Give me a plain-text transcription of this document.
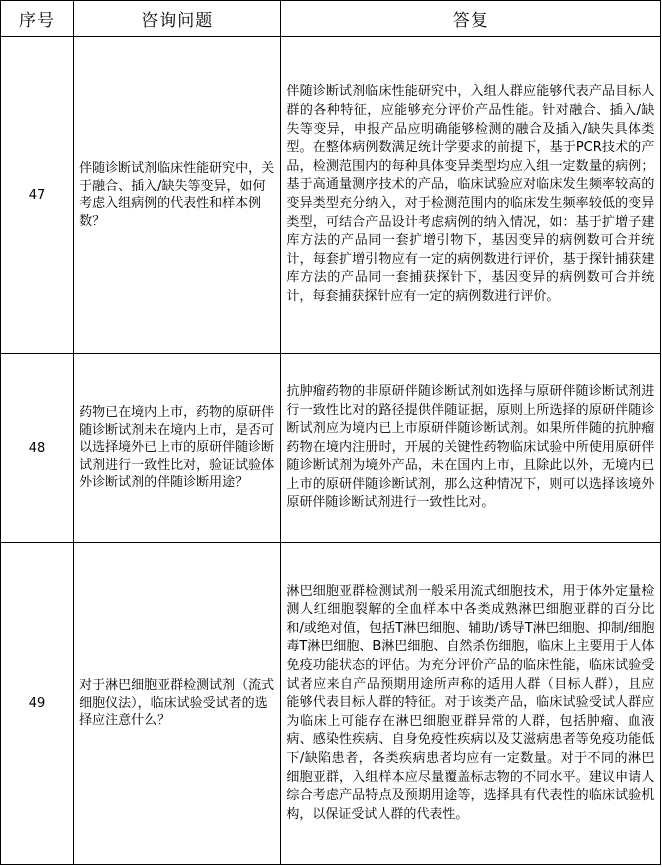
序号	咨询问题	答复
47	伴随诊断试剂临床性能研究中，关于融合、插入/缺失等变异，如何考虑入组病例的代表性和样本例数？	伴随诊断试剂临床性能研究中，入组人群应能够代表产品目标人群的各种特征，应能够充分评价产品性能。针对融合、插入/缺失等变异，申报产品应明确能够检测的融合及插入/缺失具体类型。在整体病例数满足统计学要求的前提下，基于PCR技术的产品，检测范围内的每种具体变异类型均应入组一定数量的病例；基于高通量测序技术的产品，临床试验应对临床发生频率较高的变异类型充分纳入，对于检测范围内的临床发生频率较低的变异类型，可结合产品设计考虑病例的纳入情况，如：基于扩增子建库方法的产品同一套扩增引物下，基因变异的病例数可合并统计，每套扩增引物应有一定的病例数进行评价，基于探针捕获建库方法的产品同一套捕获探针下，基因变异的病例数可合并统计，每套捕获探针应有一定的病例数进行评价。

48	药物已在境内上市，药物的原研伴随诊断试剂未在境内上市，是否可以选择境外已上市的原研伴随诊断试剂进行一致性比对，验证试验体外诊断试剂的伴随诊断用途？	抗肿瘤药物的非原研伴随诊断试剂如选择与原研伴随诊断试剂进行一致性比对的路径提供伴随证据，原则上所选择的原研伴随诊断试剂应为境内已上市原研伴随诊断试剂。如果所伴随的抗肿瘤药物在境内注册时，开展的关键性药物临床试验中所使用原研伴随诊断试剂为境外产品，未在国内上市，且除此以外，无境内已上市的原研伴随诊断试剂，那么这种情况下，则可以选择该境外原研伴随诊断试剂进行一致性比对。

49	对于淋巴细胞亚群检测试剂（流式细胞仪法），临床试验受试者的选择应注意什么？	淋巴细胞亚群检测试剂一般采用流式细胞技术，用于体外定量检测人红细胞裂解的全血样本中各类成熟淋巴细胞亚群的百分比和/或绝对值，包括T淋巴细胞、辅助/诱导T淋巴细胞、抑制/细胞毒T淋巴细胞、B淋巴细胞、自然杀伤细胞，临床上主要用于人体免疫功能状态的评估。为充分评价产品的临床性能，临床试验受试者应来自产品预期用途所声称的适用人群（目标人群），且应能够代表目标人群的特征。对于该类产品，临床试验受试人群应为临床上可能存在淋巴细胞亚群异常的人群，包括肿瘤、血液病、感染性疾病、自身免疫性疾病以及艾滋病患者等免疫功能低下/缺陷患者，各类疾病患者均应有一定数量。对于不同的淋巴细胞亚群，入组样本应尽量覆盖标志物的不同水平。建议申请人综合考虑产品特点及预期用途等，选择具有代表性的临床试验机构，以保证受试人群的代表性。
